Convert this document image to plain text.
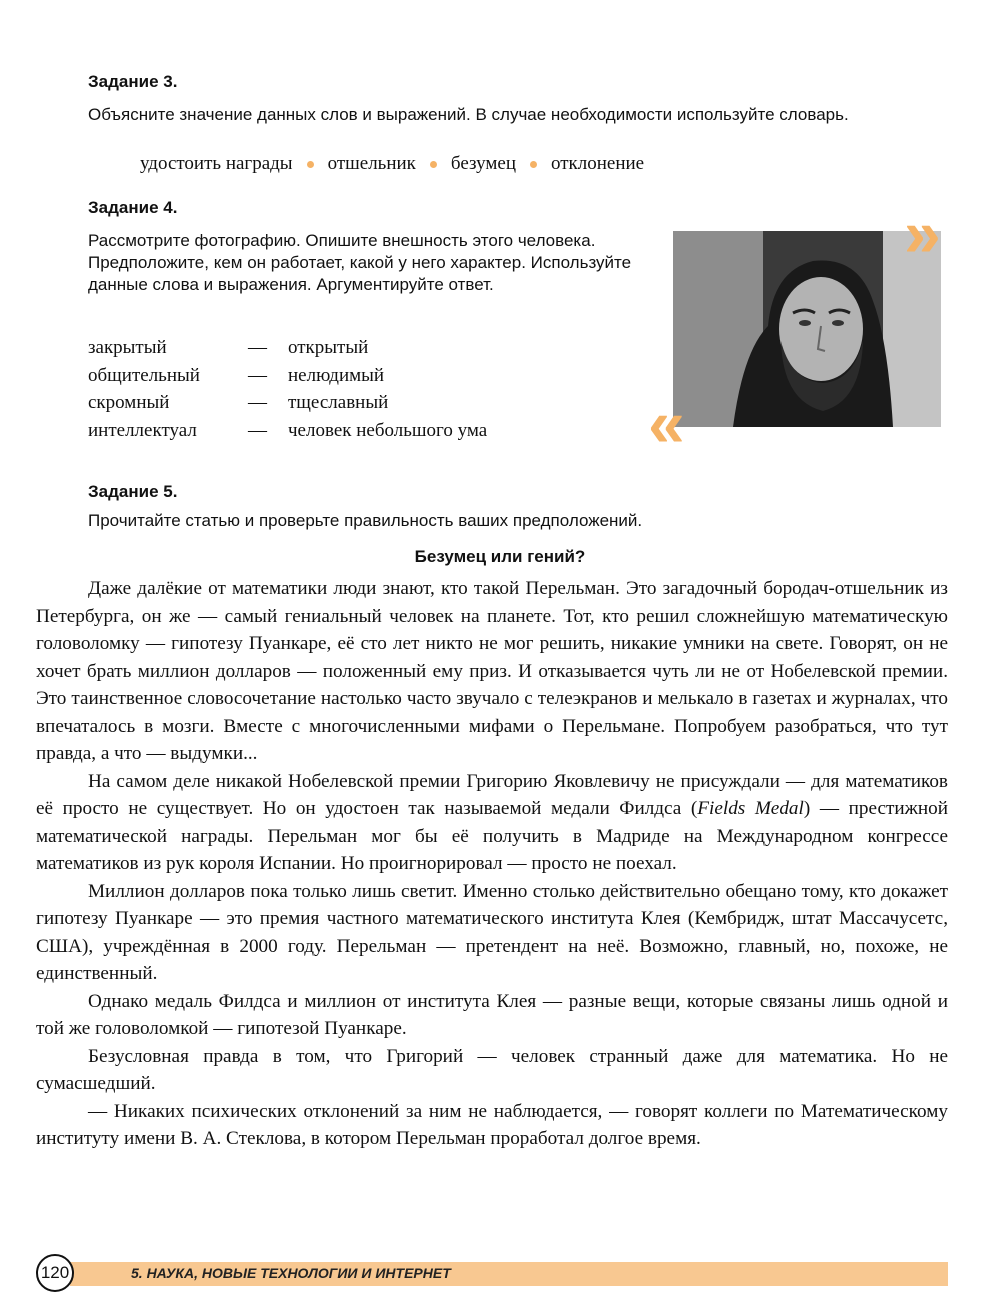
Задание 3.
Объясните значение данных слов и выражений. В случае необходимости используйте словарь.
удостоить награды отшельник безумец отклонение
Задание 4.
Рассмотрите фотографию. Опишите внешность этого человека. Предположите, кем он работает, какой у него характер. Используйте данные слова и выражения. Аргументируйте ответ.
закрытый	—	открытый
общительный	—	нелюдимый
скромный	—	тщеславный
интеллектуал	—	человек небольшого ума
»
«
Задание 5.
Прочитайте статью и проверьте правильность ваших предположений.
Безумец или гений?

Даже далёкие от математики люди знают, кто такой Перельман. Это загадочный бородач-отшельник из Петербурга, он же — самый гениальный человек на планете. Тот, кто решил сложнейшую математическую головоломку — гипотезу Пуанкаре, её сто лет никто не мог решить, никакие умники на свете. Говорят, он не хочет брать миллион долларов — положенный ему приз. И отказывается чуть ли не от Нобелевской премии. Это таинственное словосочетание настолько часто звучало с телеэкранов и мелькало в газетах и журналах, что впечаталось в мозги. Вместе с многочисленными мифами о Перельмане. Попробуем разобраться, что тут правда, а что — выдумки...

На самом деле никакой Нобелевской премии Григорию Яковлевичу не присуждали — для математиков её просто не существует. Но он удостоен так называемой медали Филдса (Fields Medal) — престижной математической награды. Перельман мог бы её получить в Мадриде на Международном конгрессе математиков из рук короля Испании. Но проигнорировал — просто не поехал.

Миллион долларов пока только лишь светит. Именно столько действительно обещано тому, кто докажет гипотезу Пуанкаре — это премия частного математического института Клея (Кембридж, штат Массачусетс, США), учреждённая в 2000 году. Перельман — претендент на неё. Возможно, главный, но, похоже, не единственный.

Однако медаль Филдса и миллион от института Клея — разные вещи, которые связаны лишь одной и той же головоломкой — гипотезой Пуанкаре.

Безусловная правда в том, что Григорий — человек странный даже для математика. Но не сумасшедший.

— Никаких психических отклонений за ним не наблюдается, — говорят коллеги по Математическому институту имени В. А. Стеклова, в котором Перельман проработал долгое время.

5. НАУКА, НОВЫЕ ТЕХНОЛОГИИ И ИНТЕРНЕТ
120
